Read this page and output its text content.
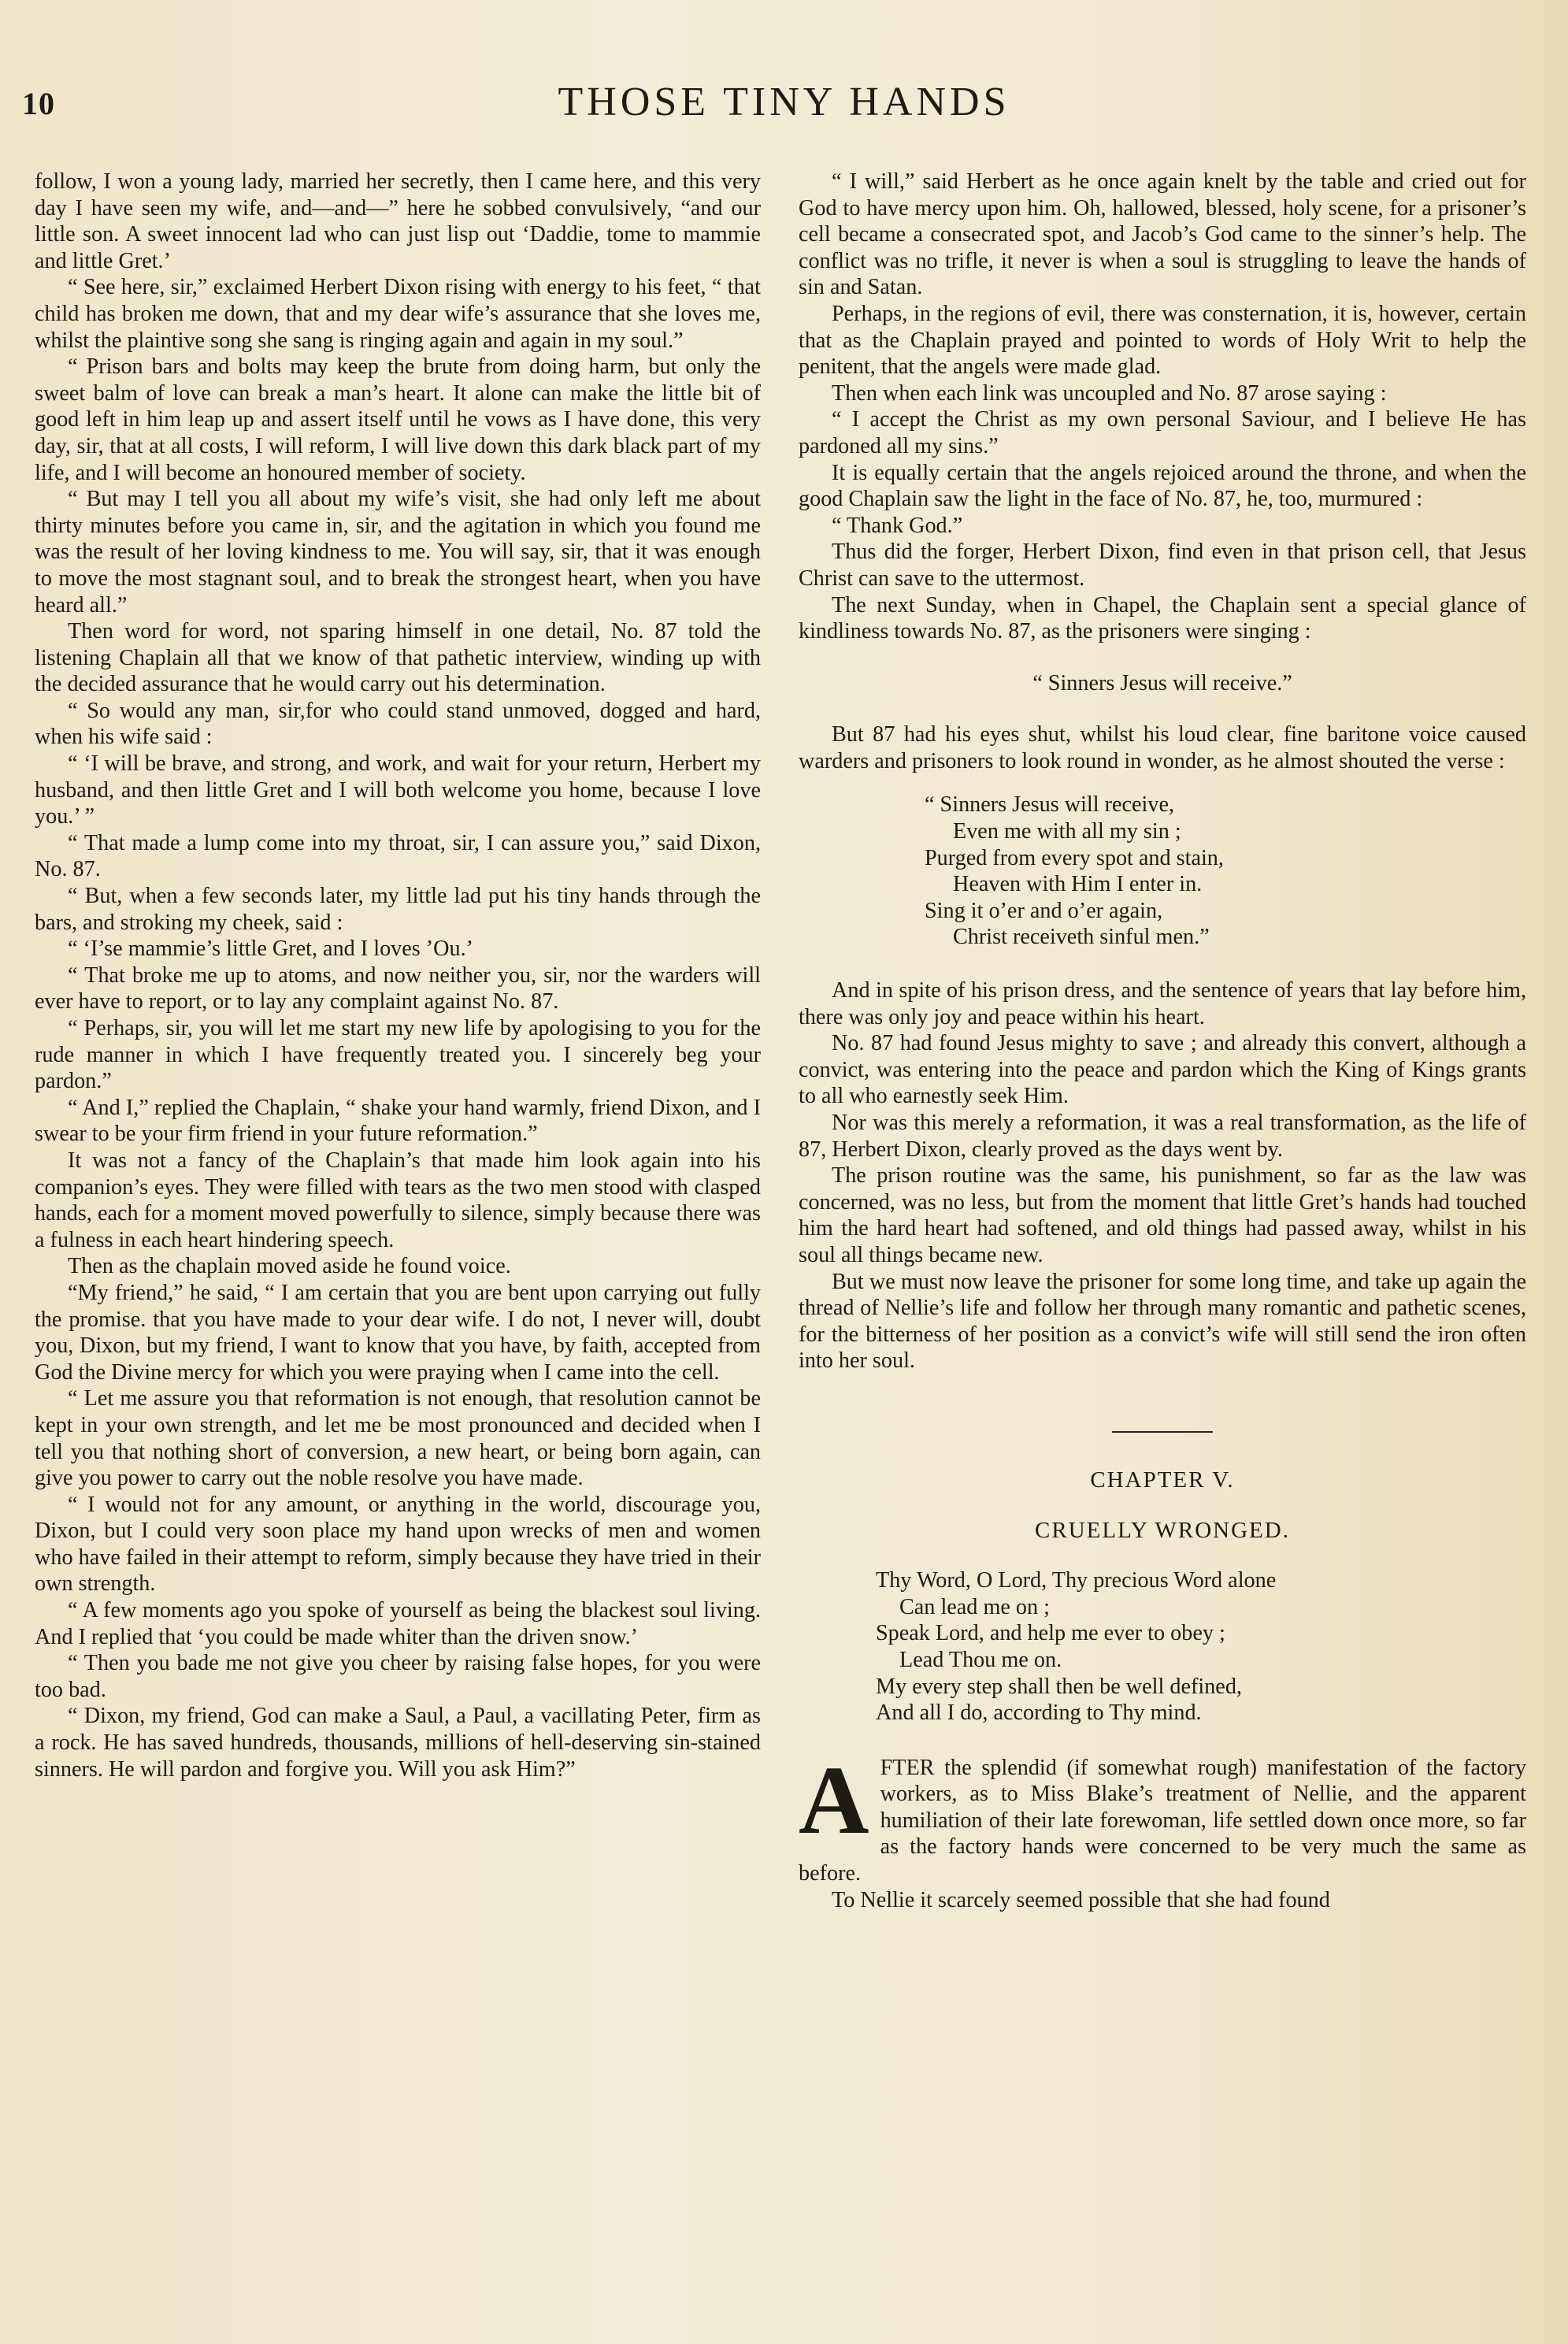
10	THOSE TINY HANDS

follow, I won a young lady, married her secretly, then I came here, and this very day I have seen my wife, and—and—” here he sobbed convulsively, “and our little son. A sweet innocent lad who can just lisp out ‘Daddie, tome to mammie and little Gret.’

“ See here, sir,” exclaimed Herbert Dixon rising with energy to his feet, “ that child has broken me down, that and my dear wife’s assurance that she loves me, whilst the plaintive song she sang is ringing again and again in my soul.”

“ Prison bars and bolts may keep the brute from doing harm, but only the sweet balm of love can break a man’s heart. It alone can make the little bit of good left in him leap up and assert itself until he vows as I have done, this very day, sir, that at all costs, I will reform, I will live down this dark black part of my life, and I will become an honoured member of society.

“ But may I tell you all about my wife’s visit, she had only left me about thirty minutes before you came in, sir, and the agitation in which you found me was the result of her loving kindness to me. You will say, sir, that it was enough to move the most stagnant soul, and to break the strongest heart, when you have heard all.”

Then word for word, not sparing himself in one detail, No. 87 told the listening Chaplain all that we know of that pathetic interview, winding up with the decided assurance that he would carry out his determination.

“ So would any man, sir,for who could stand unmoved, dogged and hard, when his wife said :

“ ‘I will be brave, and strong, and work, and wait for your return, Herbert my husband, and then little Gret and I will both welcome you home, because I love you.’ ”

“ That made a lump come into my throat, sir, I can assure you,” said Dixon, No. 87.

“ But, when a few seconds later, my little lad put his tiny hands through the bars, and stroking my cheek, said :

“ ‘I’se mammie’s little Gret, and I loves ’Ou.’

“ That broke me up to atoms, and now neither you, sir, nor the warders will ever have to report, or to lay any complaint against No. 87.

“ Perhaps, sir, you will let me start my new life by apologising to you for the rude manner in which I have frequently treated you. I sincerely beg your pardon.”

“ And I,” replied the Chaplain, “ shake your hand warmly, friend Dixon, and I swear to be your firm friend in your future reformation.”

It was not a fancy of the Chaplain’s that made him look again into his companion’s eyes. They were filled with tears as the two men stood with clasped hands, each for a moment moved powerfully to silence, simply because there was a fulness in each heart hindering speech.

Then as the chaplain moved aside he found voice.

“My friend,” he said, “ I am certain that you are bent upon carrying out fully the promise. that you have made to your dear wife. I do not, I never will, doubt you, Dixon, but my friend, I want to know that you have, by faith, accepted from God the Divine mercy for which you were praying when I came into the cell.

“ Let me assure you that reformation is not enough, that resolution cannot be kept in your own strength, and let me be most pronounced and decided when I tell you that nothing short of conversion, a new heart, or being born again, can give you power to carry out the noble resolve you have made.

“ I would not for any amount, or anything in the world, discourage you, Dixon, but I could very soon place my hand upon wrecks of men and women who have failed in their attempt to reform, simply because they have tried in their own strength.

“ A few moments ago you spoke of yourself as being the blackest soul living. And I replied that ‘you could be made whiter than the driven snow.’

“ Then you bade me not give you cheer by raising false hopes, for you were too bad.

“ Dixon, my friend, God can make a Saul, a Paul, a vacillating Peter, firm as a rock. He has saved hundreds, thousands, millions of hell-deserving sin-stained sinners. He will pardon and forgive you. Will you ask Him?”

“ I will,” said Herbert as he once again knelt by the table and cried out for God to have mercy upon him. Oh, hallowed, blessed, holy scene, for a prisoner’s cell became a consecrated spot, and Jacob’s God came to the sinner’s help. The conflict was no trifle, it never is when a soul is struggling to leave the hands of sin and Satan.

Perhaps, in the regions of evil, there was consternation, it is, however, certain that as the Chaplain prayed and pointed to words of Holy Writ to help the penitent, that the angels were made glad.

Then when each link was uncoupled and No. 87 arose saying :

“ I accept the Christ as my own personal Saviour, and I believe He has pardoned all my sins.”

It is equally certain that the angels rejoiced around the throne, and when the good Chaplain saw the light in the face of No. 87, he, too, murmured :

“ Thank God.”

Thus did the forger, Herbert Dixon, find even in that prison cell, that Jesus Christ can save to the uttermost.

The next Sunday, when in Chapel, the Chaplain sent a special glance of kindliness towards No. 87, as the prisoners were singing :

“ Sinners Jesus will receive.”

But 87 had his eyes shut, whilst his loud clear, fine baritone voice caused warders and prisoners to look round in wonder, as he almost shouted the verse :

“ Sinners Jesus will receive,
Even me with all my sin ;
Purged from every spot and stain,
Heaven with Him I enter in.
Sing it o’er and o’er again,
Christ receiveth sinful men.”

And in spite of his prison dress, and the sentence of years that lay before him, there was only joy and peace within his heart.

No. 87 had found Jesus mighty to save ; and already this convert, although a convict, was entering into the peace and pardon which the King of Kings grants to all who earnestly seek Him.

Nor was this merely a reformation, it was a real transformation, as the life of 87, Herbert Dixon, clearly proved as the days went by.

The prison routine was the same, his punishment, so far as the law was concerned, was no less, but from the moment that little Gret’s hands had touched him the hard heart had softened, and old things had passed away, whilst in his soul all things became new.

But we must now leave the prisoner for some long time, and take up again the thread of Nellie’s life and follow her through many romantic and pathetic scenes, for the bitterness of her position as a convict’s wife will still send the iron often into her soul.

CHAPTER V.
CRUELLY WRONGED.
Thy Word, O Lord, Thy precious Word alone
Can lead me on ;
Speak Lord, and help me ever to obey ;
Lead Thou me on.
My every step shall then be well defined,
And all I do, according to Thy mind.

AFTER the splendid (if somewhat rough) manifestation of the factory workers, as to Miss Blake’s treatment of Nellie, and the apparent humiliation of their late forewoman, life settled down once more, so far as the factory hands were concerned to be very much the same as before.

To Nellie it scarcely seemed possible that she had found
